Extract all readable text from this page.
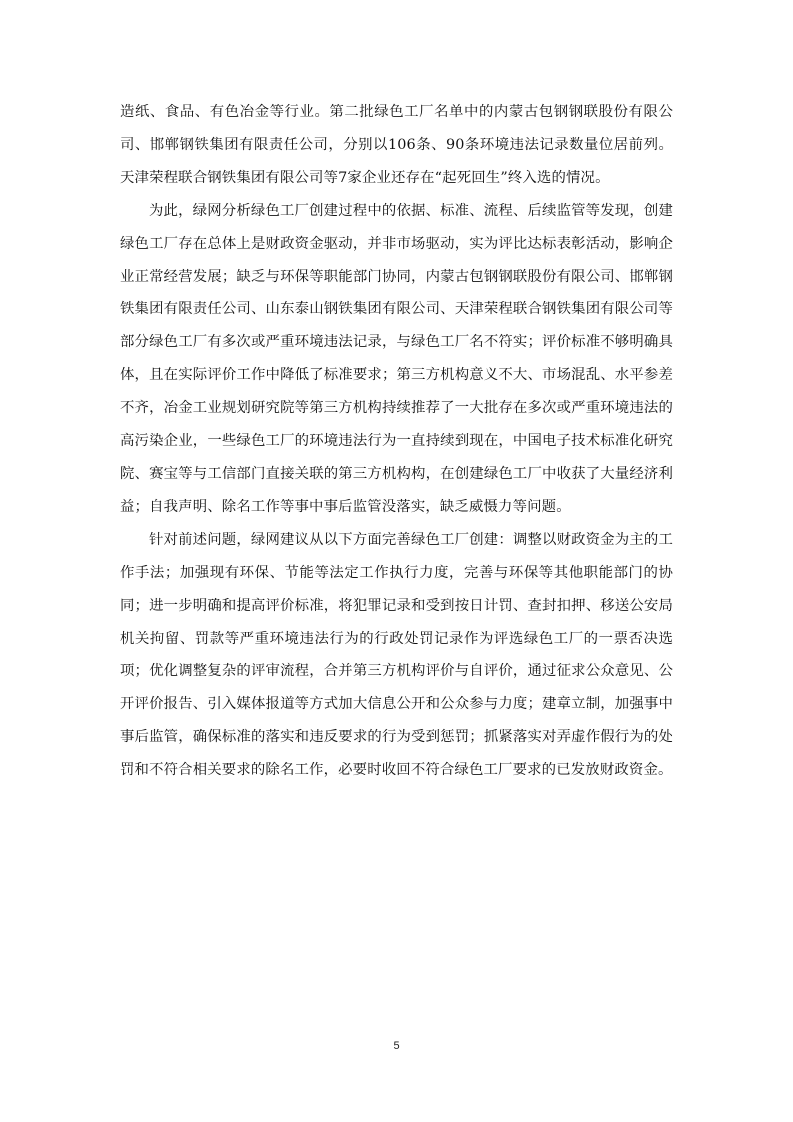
造纸、食品、有色冶金等行业。第二批绿色工厂名单中的内蒙古包钢钢联股份有限公司、邯郸钢铁集团有限责任公司，分别以106条、90条环境违法记录数量位居前列。天津荣程联合钢铁集团有限公司等7家企业还存在“起死回生”终入选的情况。

为此，绿网分析绿色工厂创建过程中的依据、标准、流程、后续监管等发现，创建绿色工厂存在总体上是财政资金驱动，并非市场驱动，实为评比达标表彰活动，影响企业正常经营发展；缺乏与环保等职能部门协同，内蒙古包钢钢联股份有限公司、邯郸钢铁集团有限责任公司、山东泰山钢铁集团有限公司、天津荣程联合钢铁集团有限公司等部分绿色工厂有多次或严重环境违法记录，与绿色工厂名不符实；评价标准不够明确具体，且在实际评价工作中降低了标准要求；第三方机构意义不大、市场混乱、水平参差不齐，冶金工业规划研究院等第三方机构持续推荐了一大批存在多次或严重环境违法的高污染企业，一些绿色工厂的环境违法行为一直持续到现在，中国电子技术标准化研究院、赛宝等与工信部门直接关联的第三方机构构，在创建绿色工厂中收获了大量经济利益；自我声明、除名工作等事中事后监管没落实，缺乏威慑力等问题。

针对前述问题，绿网建议从以下方面完善绿色工厂创建：调整以财政资金为主的工作手法；加强现有环保、节能等法定工作执行力度，完善与环保等其他职能部门的协同；进一步明确和提高评价标准，将犯罪记录和受到按日计罚、查封扣押、移送公安局机关拘留、罚款等严重环境违法行为的行政处罚记录作为评选绿色工厂的一票否决选项；优化调整复杂的评审流程，合并第三方机构评价与自评价，通过征求公众意见、公开评价报告、引入媒体报道等方式加大信息公开和公众参与力度；建章立制，加强事中事后监管，确保标准的落实和违反要求的行为受到惩罚；抓紧落实对弄虚作假行为的处罚和不符合相关要求的除名工作，必要时收回不符合绿色工厂要求的已发放财政资金。

5
